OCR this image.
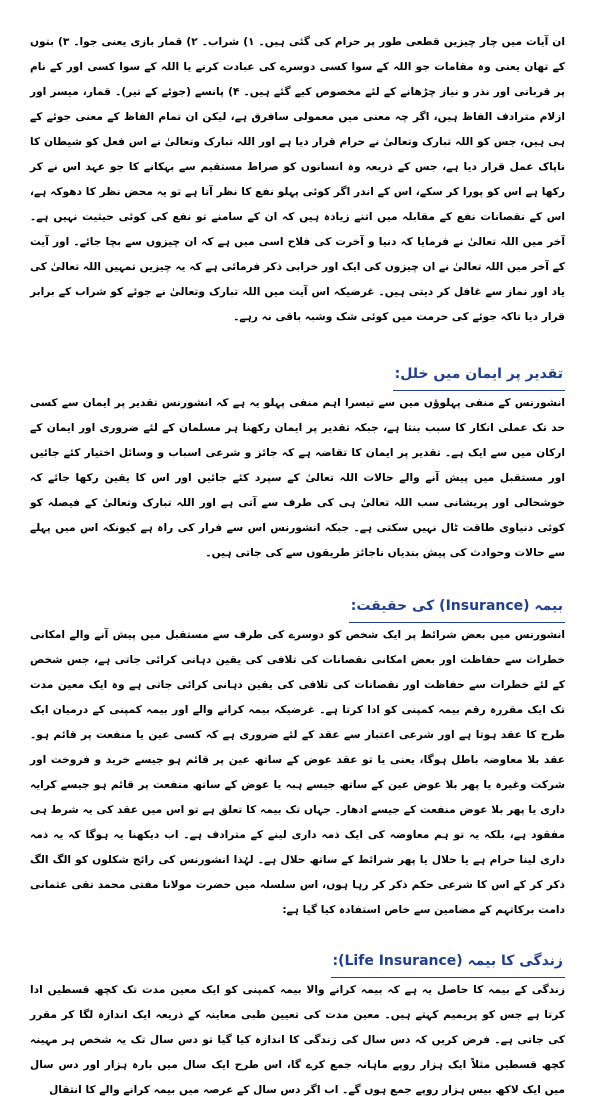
ان آیات میں چار چیزیں قطعی طور پر حرام کی گئی ہیں۔ ۱) شراب۔ ۲) قمار بازی یعنی جوا۔ ۳) بتوں کے تھان یعنی وہ مقامات جو اللہ کے سوا کسی دوسرے کی عبادت کرنے یا اللہ کے سوا کسی اور کے نام پر قربانی اور نذر و نیاز چڑھانے کے لئے مخصوص کیے گئے ہیں۔ ۴) پانسے (جوئے کے تیر)۔ قمار، میسر اور ازلام مترادف الفاظ ہیں، اگر چہ معنی میں معمولی سافرق ہے، لیکن ان تمام الفاظ کے معنی جوئے کے ہی ہیں، جس کو اللہ تبارک وتعالیٰ نے حرام قرار دیا ہے اور اللہ تبارک وتعالیٰ نے اس فعل کو شیطان کا ناپاک عمل قرار دیا ہے، جس کے ذریعہ وہ انسانوں کو صراط مستقیم سے بہکانے کا جو عہد اس نے کر رکھا ہے اس کو پورا کر سکے، اس کے اندر اگر کوئی پہلو نفع کا نظر آتا ہے تو یہ محض نظر کا دھوکہ ہے، اس کے نقصانات نفع کے مقابلہ میں اتنے زیادہ ہیں کہ ان کے سامنے تو نفع کی کوئی حیثیت نہیں ہے۔ آخر میں اللہ تعالیٰ نے فرمایا کہ دنیا و آخرت کی فلاح اسی میں ہے کہ ان چیزوں سے بچا جائے۔ اور آیت کے آخر میں اللہ تعالیٰ نے ان چیزوں کی ایک اور خرابی ذکر فرمائی ہے کہ یہ چیزیں تمہیں اللہ تعالیٰ کی یاد اور نماز سے غافل کر دیتی ہیں۔ غرضیکہ اس آیت میں اللہ تبارک وتعالیٰ نے جوئے کو شراب کے برابر قرار دیا تاکہ جوئے کی حرمت میں کوئی شک وشبہ باقی نہ رہے۔

تقدیر پر ایمان میں خلل:

انشورنس کے منفی پہلوؤں میں سے تیسرا اہم منفی پہلو یہ ہے کہ انشورنس تقدیر پر ایمان سے کسی حد تک عملی انکار کا سبب بنتا ہے، جبکہ تقدیر پر ایمان رکھنا ہر مسلمان کے لئے ضروری اور ایمان کے ارکان میں سے ایک ہے۔ تقدیر پر ایمان کا تقاضہ ہے کہ جائز و شرعی اسباب و وسائل اختیار کئے جائیں اور مستقبل میں پیش آنے والے حالات اللہ تعالیٰ کے سپرد کئے جائیں اور اس کا یقین رکھا جائے کہ خوشحالی اور پریشانی سب اللہ تعالیٰ ہی کی طرف سے آتی ہے اور اللہ تبارک وتعالیٰ کے فیصلہ کو کوئی دنیاوی طاقت ٹال نہیں سکتی ہے۔ جبکہ انشورنس اس سے فرار کی راہ ہے کیونکہ اس میں پہلے سے حالات وحوادث کی پیش بندیاں ناجائز طریقوں سے کی جاتی ہیں۔

بیمہ (Insurance) کی حقیقت:

انشورنس میں بعض شرائط پر ایک شخص کو دوسرے کی طرف سے مستقبل میں پیش آنے والے امکانی خطرات سے حفاظت اور بعض امکانی نقصانات کی تلافی کی یقین دہانی کرائی جاتی ہے، جس شخص کے لئے خطرات سے حفاظت اور نقصانات کی تلافی کی یقین دہانی کرائی جاتی ہے وہ ایک معین مدت تک ایک مقررہ رقم بیمہ کمپنی کو ادا کرتا ہے۔ غرضیکہ بیمہ کرانے والے اور بیمہ کمپنی کے درمیان ایک طرح کا عقد ہوتا ہے اور شرعی اعتبار سے عقد کے لئے ضروری ہے کہ کسی عین یا منفعت پر قائم ہو۔ عقد بلا معاوضہ باطل ہوگا، یعنی یا تو عقد عوض کے ساتھ عین پر قائم ہو جیسے خرید و فروخت اور شرکت وغیرہ یا پھر بلا عوض عین کے ساتھ جیسے ہبہ یا عوض کے ساتھ منفعت پر قائم ہو جیسے کرایہ داری یا پھر بلا عوض منفعت کے جیسے ادھار۔ جہاں تک بیمہ کا تعلق ہے تو اس میں عقد کی یہ شرط ہی مفقود ہے، بلکہ یہ تو ہم معاوضہ کی ایک ذمہ داری لینے کے مترادف ہے۔ اب دیکھنا یہ ہوگا کہ یہ ذمہ داری لینا حرام ہے یا حلال یا پھر شرائط کے ساتھ حلال ہے۔ لہٰذا انشورنس کی رائج شکلوں کو الگ الگ ذکر کر کے اس کا شرعی حکم ذکر کر رہا ہوں، اس سلسلہ میں حضرت مولانا مفتی محمد تقی عثمانی دامت برکاتہم کے مضامین سے خاص استفادہ کیا گیا ہے:

زندگی کا بیمہ (Life Insurance):

زندگی کے بیمہ کا حاصل یہ ہے کہ بیمہ کرانے والا بیمہ کمپنی کو ایک معین مدت تک کچھ قسطیں ادا کرتا ہے جس کو پریمیم کہتے ہیں۔ معین مدت کی تعیین طبی معاینہ کے ذریعہ ایک اندازہ لگا کر مقرر کی جاتی ہے۔ فرض کریں کہ دس سال کی زندگی کا اندازہ کیا گیا تو دس سال تک یہ شخص ہر مہینہ کچھ قسطیں مثلاً ایک ہزار روپے ماہانہ جمع کرے گا، اس طرح ایک سال میں بارہ ہزار اور دس سال میں ایک لاکھ بیس ہزار روپے جمع ہوں گے۔ اب اگر دس سال کے عرصہ میں بیمہ کرانے والے کا انتقال
